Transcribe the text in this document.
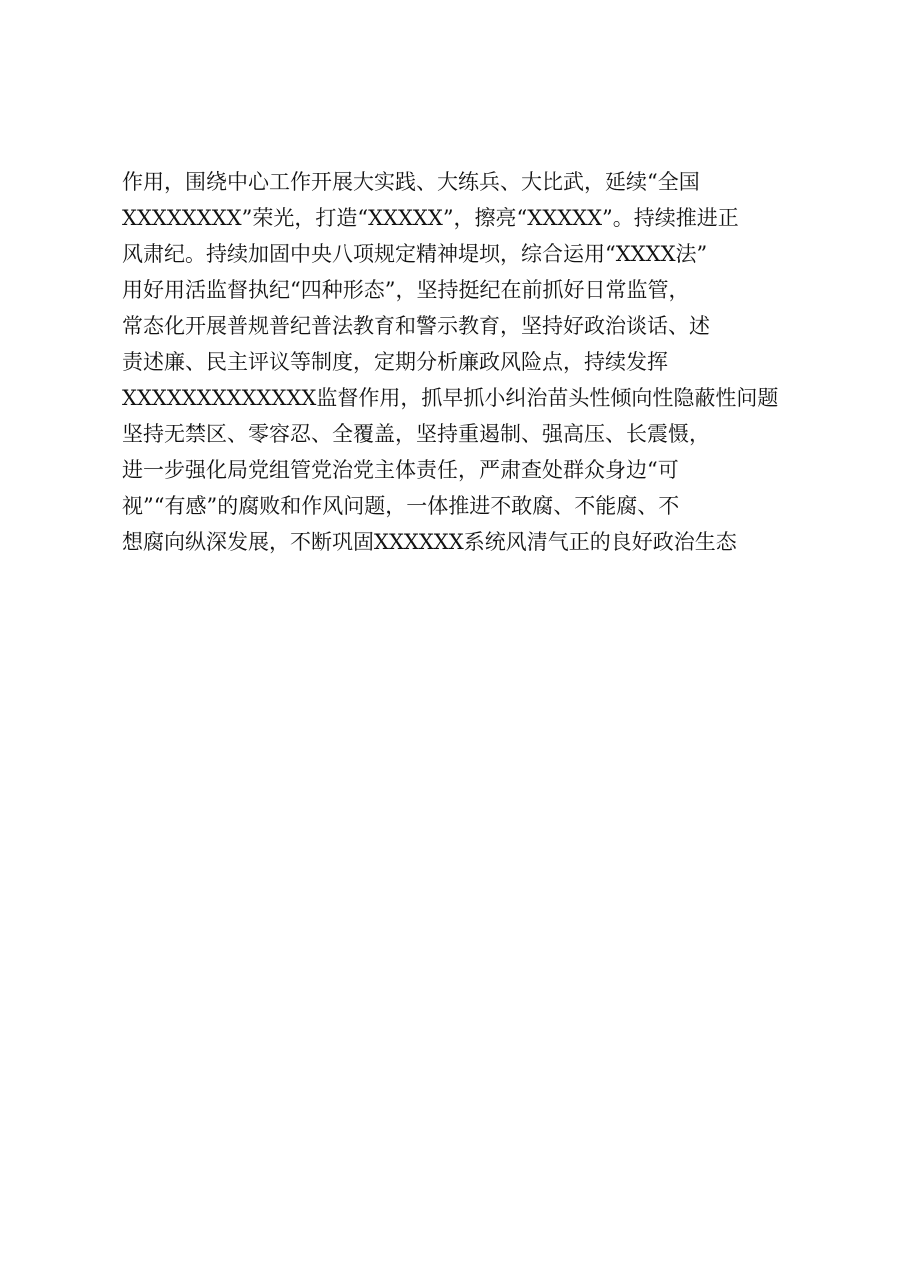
作用，围绕中心工作开展大实践、大练兵、大比武，延续“全国
XXXXXXXX”荣光，打造“XXXXX”，擦亮“XXXXX”。持续推进正
风肃纪。持续加固中央八项规定精神堤坝，综合运用“XXXX法”
用好用活监督执纪“四种形态”，坚持挺纪在前抓好日常监管，
常态化开展普规普纪普法教育和警示教育，坚持好政治谈话、述
责述廉、民主评议等制度，定期分析廉政风险点，持续发挥
XXXXXXXXXXXXX监督作用，抓早抓小纠治苗头性倾向性隐蔽性问题
坚持无禁区、零容忍、全覆盖，坚持重遏制、强高压、长震慑，
进一步强化局党组管党治党主体责任，严肃查处群众身边“可
视”“有感”的腐败和作风问题，一体推进不敢腐、不能腐、不
想腐向纵深发展，不断巩固XXXXXX系统风清气正的良好政治生态
